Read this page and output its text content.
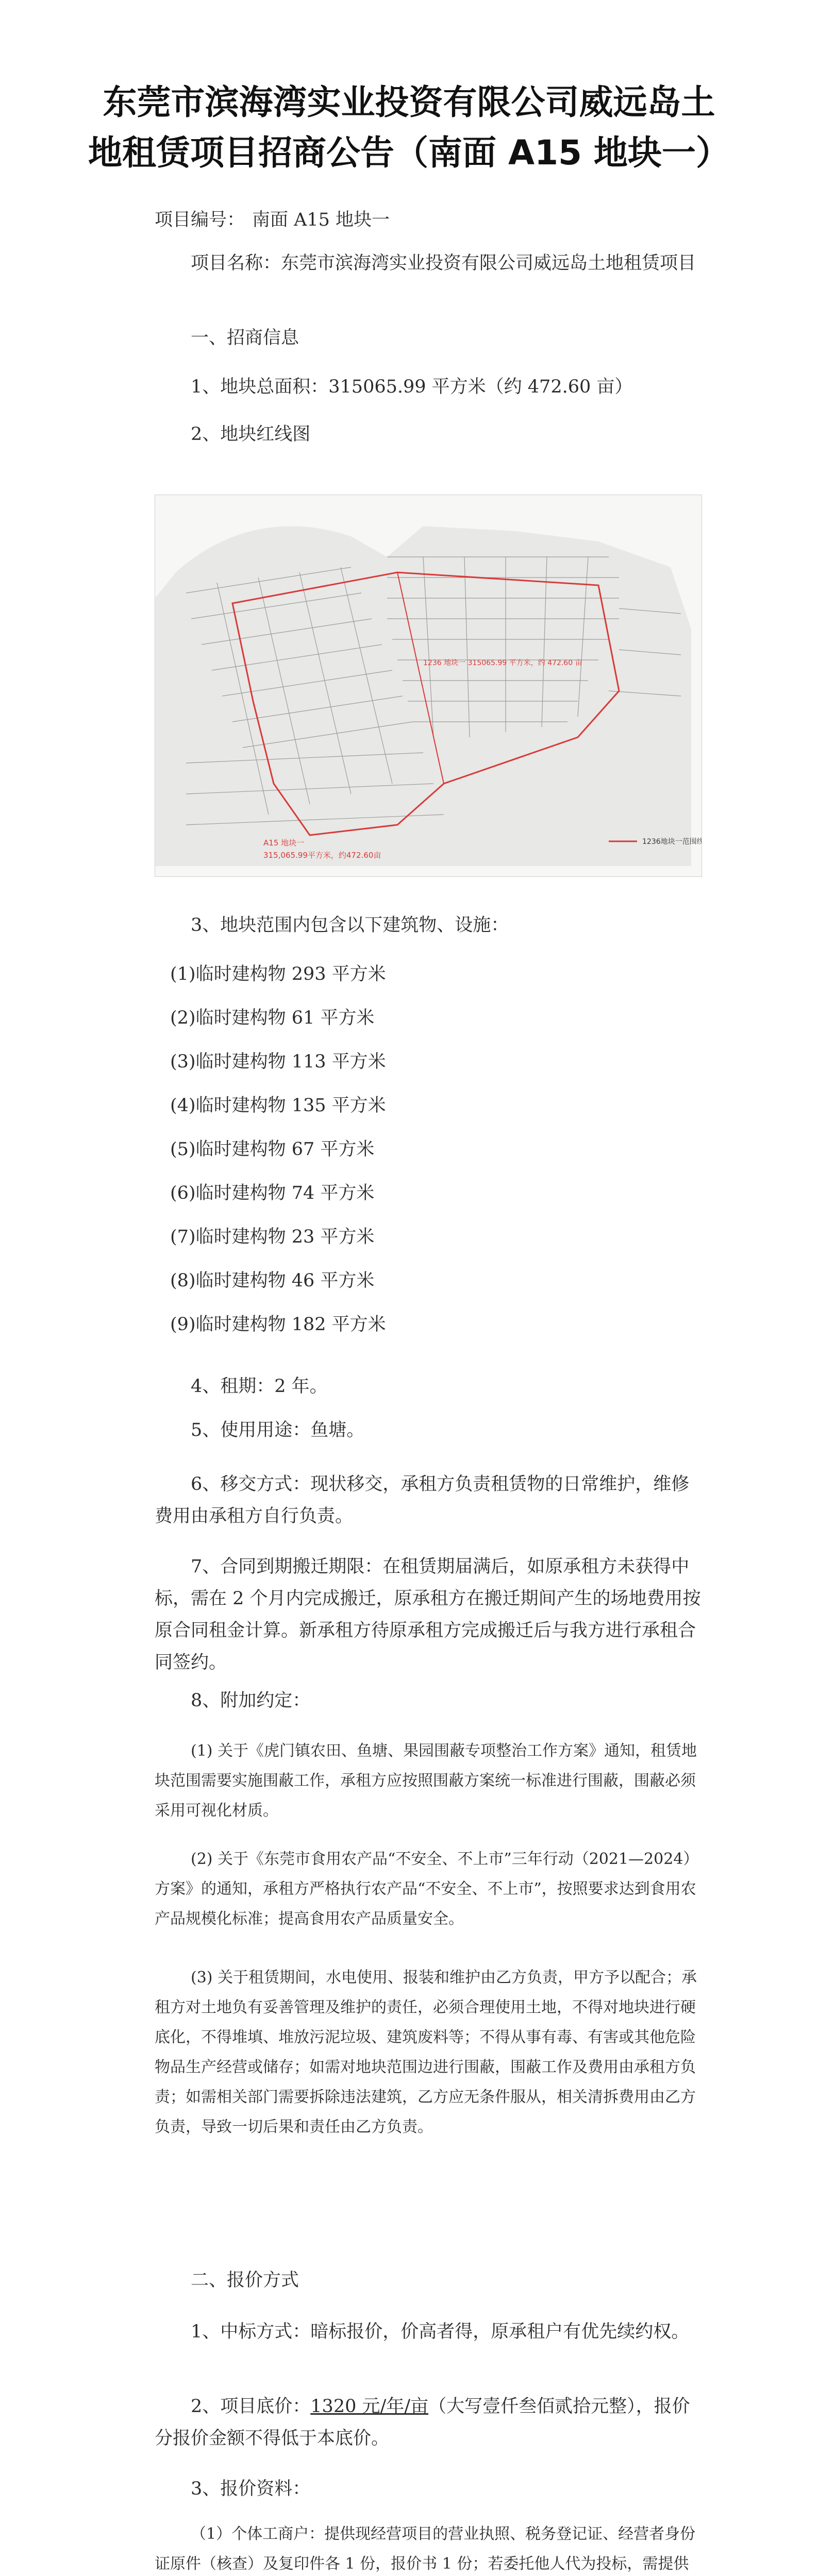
东莞市滨海湾实业投资有限公司威远岛土
地租赁项目招商公告（南面 A15 地块一）
项目编号： 南面 A15 地块一
项目名称：东莞市滨海湾实业投资有限公司威远岛土地租赁项目
一、招商信息
1、地块总面积：315065.99 平方米（约 472.60 亩）
2、地块红线图
1236 地块一 315065.99 平方米，约 472.60 亩
A15 地块一
315,065.99平方米，约472.60亩
1236地块一范围线
3、地块范围内包含以下建筑物、设施：
(1)临时建构物 293 平方米
(2)临时建构物 61 平方米
(3)临时建构物 113 平方米
(4)临时建构物 135 平方米
(5)临时建构物 67 平方米
(6)临时建构物 74 平方米
(7)临时建构物 23 平方米
(8)临时建构物 46 平方米
(9)临时建构物 182 平方米
4、租期：2 年。
5、使用用途：鱼塘。
6、移交方式：现状移交，承租方负责租赁物的日常维护，维修费用由承租方自行负责。
7、合同到期搬迁期限：在租赁期届满后，如原承租方未获得中标，需在 2 个月内完成搬迁，原承租方在搬迁期间产生的场地费用按原合同租金计算。新承租方待原承租方完成搬迁后与我方进行承租合同签约。
8、附加约定：
(1) 关于《虎门镇农田、鱼塘、果园围蔽专项整治工作方案》通知，租赁地块范围需要实施围蔽工作，承租方应按照围蔽方案统一标准进行围蔽，围蔽必须采用可视化材质。
(2) 关于《东莞市食用农产品“不安全、不上市”三年行动（2021—2024）方案》的通知，承租方严格执行农产品“不安全、不上市”，按照要求达到食用农产品规模化标准；提高食用农产品质量安全。
(3) 关于租赁期间，水电使用、报装和维护由乙方负责，甲方予以配合；承租方对土地负有妥善管理及维护的责任，必须合理使用土地，不得对地块进行硬底化，不得堆填、堆放污泥垃圾、建筑废料等；不得从事有毒、有害或其他危险物品生产经营或储存；如需对地块范围边进行围蔽，围蔽工作及费用由承租方负责；如需相关部门需要拆除违法建筑，乙方应无条件服从，相关清拆费用由乙方负责，导致一切后果和责任由乙方负责。
二、报价方式
1、中标方式：暗标报价，价高者得，原承租户有优先续约权。
2、项目底价：1320 元/年/亩（大写壹仟叁佰贰拾元整），报价分报价金额不得低于本底价。
3、报价资料：
（1）个体工商户：提供现经营项目的营业执照、税务登记证、经营者身份证原件（核查）及复印件各 1 份，报价书 1 份；若委托他人代为投标，需提供
